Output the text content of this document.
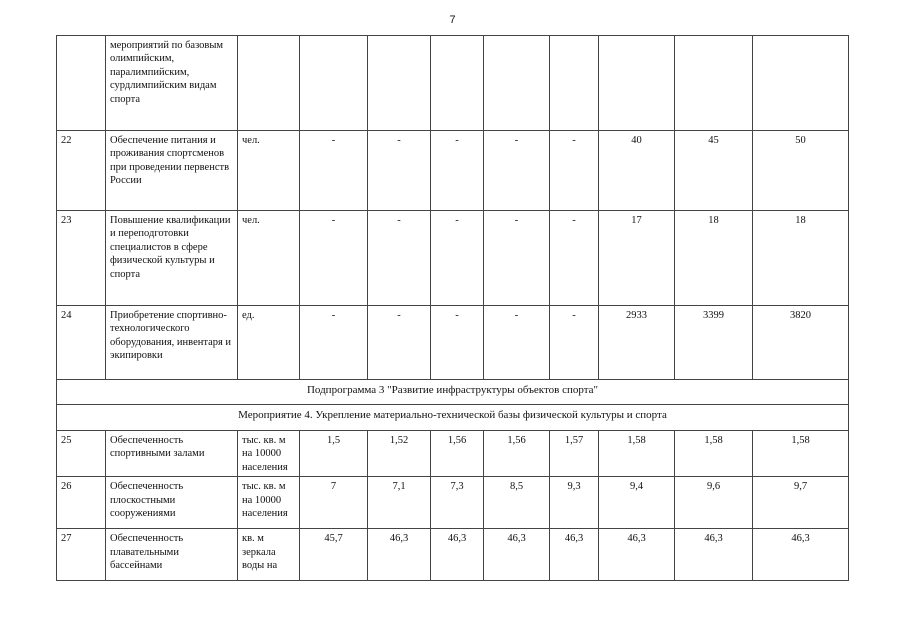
7
	мероприятий по базовым олимпийским, паралимпийским, сурдлимпийским видам спорта									
22	Обеспечение питания и проживания спортсменов при проведении первенств России	чел.	-	-	-	-	-	40	45	50
23	Повышение квалификации и переподготовки специалистов в сфере физической культуры и спорта	чел.	-	-	-	-	-	17	18	18
24	Приобретение спортивно-технологического оборудования, инвентаря и экипировки	ед.	-	-	-	-	-	2933	3399	3820
Подпрограмма 3 "Развитие инфраструктуры объектов спорта"										
Мероприятие 4. Укрепление материально-технической базы физической культуры и спорта										
25	Обеспеченность спортивными залами	тыс. кв. м на 10000 населения	1,5	1,52	1,56	1,56	1,57	1,58	1,58	1,58
26	Обеспеченность плоскостными сооружениями	тыс. кв. м на 10000 населения	7	7,1	7,3	8,5	9,3	9,4	9,6	9,7
27	Обеспеченность плавательными бассейнами	кв. м зеркала воды на	45,7	46,3	46,3	46,3	46,3	46,3	46,3	46,3
